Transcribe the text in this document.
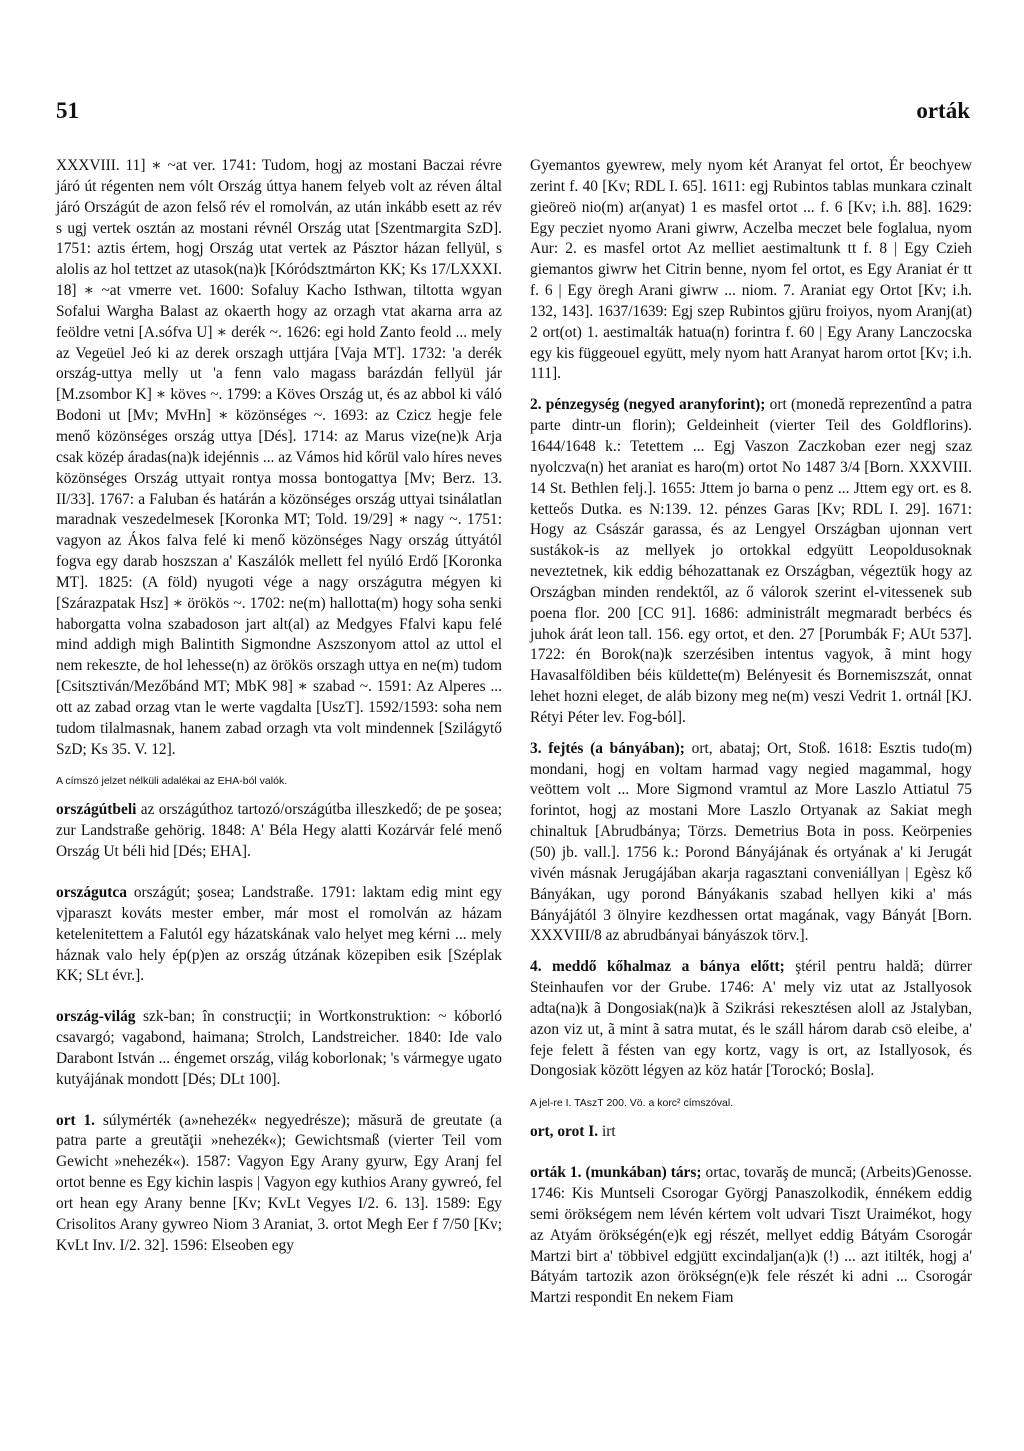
51	orták

XXXVIII. 11] ∗ ~at ver. 1741: Tudom, hogj az mostani Baczai révre járó út régenten nem vólt Ország úttya hanem felyeb volt az réven által járó Országút de azon felső rév el romolván, az után inkább esett az rév s ugj vertek osztán az mostani révnél Ország utat [Szentmargita SzD]. 1751: aztis értem, hogj Ország utat vertek az Pásztor házan fellyül, s alolis az hol tettzet az utasok(na)k [Kóródsztmárton KK; Ks 17/LXXXI. 18] ∗ ~at vmerre vet. 1600: Sofaluy Kacho Isthwan, tiltotta wgyan Sofalui Wargha Balast az okaerth hogy az orzagh vtat akarna arra az feöldre vetni [A.sófva U] ∗ derék ~. 1626: egi hold Zanto feold ... mely az Vegeüel Jeó ki az derek orszagh uttjára [Vaja MT]. 1732: 'a derék ország-uttya melly ut 'a fenn valo magass barázdán fellyül jár [M.zsombor K] ∗ köves ~. 1799: a Köves Ország ut, és az abbol ki váló Bodoni ut [Mv; MvHn] ∗ közönséges ~. 1693: az Czicz hegje fele menő közönséges ország uttya [Dés]. 1714: az Marus vize(ne)k Arja csak közép áradas(na)k idejénnis ... az Vámos hid kőrül valo híres neves közönséges Ország uttyait rontya mossa bontogattya [Mv; Berz. 13. II/33]. 1767: a Faluban és határán a közönséges ország uttyai tsinálatlan maradnak veszedelmesek [Koronka MT; Told. 19/29] ∗ nagy ~. 1751: vagyon az Ákos falva felé ki menő közönséges Nagy ország úttyától fogva egy darab hoszszan a' Kaszálók mellett fel nyúló Erdő [Koronka MT]. 1825: (A föld) nyugoti vége a nagy országutra mégyen ki [Szárazpatak Hsz] ∗ örökös ~. 1702: ne(m) hallotta(m) hogy soha senki haborgatta volna szabadoson jart alt(al) az Medgyes Ffalvi kapu felé mind addigh migh Balintith Sigmondne Aszszonyom attol az uttol el nem rekeszte, de hol lehesse(n) az örökös orszagh uttya en ne(m) tudom [Csitsztiván/Mezőbánd MT; MbK 98] ∗ szabad ~. 1591: Az Alperes ... ott az zabad orzag vtan le werte vagdalta [UszT]. 1592/1593: soha nem tudom tilalmasnak, hanem zabad orzagh vta volt mindennek [Szilágytő SzD; Ks 35. V. 12].

A címszó jelzet nélküli adalékai az EHA-ból valók.

országútbeli az országúthoz tartozó/országútba illeszkedő; de pe şosea; zur Landstraße gehörig. 1848: A' Béla Hegy alatti Kozárvár felé menő Ország Ut béli hid [Dés; EHA].

országutca országút; şosea; Landstraße. 1791: laktam edig mint egy vjparaszt kováts mester ember, már most el romolván az házam ketelenitettem a Falutól egy házatskának valo helyet meg kérni ... mely háznak valo hely ép(p)en az ország útzának közepiben esik [Széplak KK; SLt évr.].

ország-világ szk-ban; în construcţii; in Wortkonstruktion: ~ kóborló csavargó; vagabond, haimana; Strolch, Landstreicher. 1840: Ide valo Darabont István ... éngemet ország, világ koborlonak; 's vármegye ugato kutyájának mondott [Dés; DLt 100].

ort 1. súlymérték (a»nehezék« negyedrésze); măsură de greutate (a patra parte a greutăţii »nehezék«); Gewichtsmaß (vierter Teil vom Gewicht »nehezék«). 1587: Vagyon Egy Arany gyurw, Egy Aranj fel ortot benne es Egy kichin laspis | Vagyon egy kuthios Arany gywreó, fel ort hean egy Arany benne [Kv; KvLt Vegyes I/2. 6. 13]. 1589: Egy Crisolitos Arany gywreo Niom 3 Araniat, 3. ortot Megh Eer f 7/50 [Kv; KvLt Inv. I/2. 32]. 1596: Elseoben egy

Gyemantos gyewrew, mely nyom két Aranyat fel ortot, Ér beochyew zerint f. 40 [Kv; RDL I. 65]. 1611: egj Rubintos tablas munkara czinalt gieöreö nio(m) ar(anyat) 1 es masfel ortot ... f. 6 [Kv; i.h. 88]. 1629: Egy pecziet nyomo Arani giwrw, Aczelba meczet bele foglalua, nyom Aur: 2. es masfel ortot Az melliet aestimaltunk tt f. 8 | Egy Czieh giemantos giwrw het Citrin benne, nyom fel ortot, es Egy Araniat ér tt f. 6 | Egy öregh Arani giwrw ... niom. 7. Araniat egy Ortot [Kv; i.h. 132, 143]. 1637/1639: Egj szep Rubintos gjüru froiyos, nyom Aranj(at) 2 ort(ot) 1. aestimalták hatua(n) forintra f. 60 | Egy Arany Lanczocska egy kis függeouel együtt, mely nyom hatt Aranyat harom ortot [Kv; i.h. 111].

2. pénzegység (negyed aranyforint); ort (monedă reprezentînd a patra parte dintr-un florin); Geldeinheit (vierter Teil des Goldflorins). 1644/1648 k.: Tetettem ... Egj Vaszon Zaczkoban ezer negj szaz nyolczva(n) het araniat es haro(m) ortot No 1487 3/4 [Born. XXXVIII. 14 St. Bethlen felj.]. 1655: Jttem jo barna o penz ... Jttem egy ort. es 8. ketteős Dutka. es N:139. 12. pénzes Garas [Kv; RDL I. 29]. 1671: Hogy az Császár garassa, és az Lengyel Országban ujonnan vert sustákok-is az mellyek jo ortokkal edgyütt Leopoldusoknak neveztetnek, kik eddig béhozattanak ez Országban, végeztük hogy az Országban minden rendektől, az ő válorok szerint el-vitessenek sub poena flor. 200 [CC 91]. 1686: administrált megmaradt berbécs és juhok árát leon tall. 156. egy ortot, et den. 27 [Porumbák F; AUt 537]. 1722: én Borok(na)k szerzésiben intentus vagyok, ã mint hogy Havasalföldiben béis küldette(m) Belényesit és Bornemiszszát, onnat lehet hozni eleget, de aláb bizony meg ne(m) veszi Vedrit 1. ortnál [KJ. Rétyi Péter lev. Fog-ból].

3. fejtés (a bányában); ort, abataj; Ort, Stoß. 1618: Esztis tudo(m) mondani, hogj en voltam harmad vagy negied magammal, hogy veöttem volt ... More Sigmond vramtul az More Laszlo Attiatul 75 forintot, hogj az mostani More Laszlo Ortyanak az Sakiat megh chinaltuk [Abrudbánya; Törzs. Demetrius Bota in poss. Keörpenies (50) jb. vall.]. 1756 k.: Porond Bányájának és ortyának a' ki Jerugát vivén másnak Jerugájában akarja ragasztani conveniállyan | Egèsz kő Bányákan, ugy porond Bányákanis szabad hellyen kiki a' más Bányájától 3 ölnyire kezdhessen ortat magának, vagy Bányát [Born. XXXVIII/8 az abrudbányai bányászok törv.].

4. meddő kőhalmaz a bánya előtt; ştéril pentru haldă; dürrer Steinhaufen vor der Grube. 1746: A' mely viz utat az Jstallyosok adta(na)k ã Dongosiak(na)k ã Szikrási rekesztésen aloll az Jstalyban, azon viz ut, ã mint ã satra mutat, és le száll három darab csö eleibe, a' feje felett ã fésten van egy kortz, vagy is ort, az Istallyosok, és Dongosiak között légyen az köz határ [Torockó; Bosla].

A jel-re I. TAszT 200. Vö. a korc² címszóval.

ort, orot I. irt

orták 1. (munkában) társ; ortac, tovarăş de muncă; (Arbeits)Genosse. 1746: Kis Muntseli Csorogar Györgj Panaszolkodik, énnékem eddig semi örökségem nem lévén kértem volt udvari Tiszt Uraimékot, hogy az Atyám örökségén(e)k egj részét, mellyet eddig Bátyám Csorogár Martzi birt a' többivel edgjütt excindaljan(a)k (!) ... azt itilték, hogj a' Bátyám tartozik azon örökségn(e)k fele részét ki adni ... Csorogár Martzi respondit En nekem Fiam
